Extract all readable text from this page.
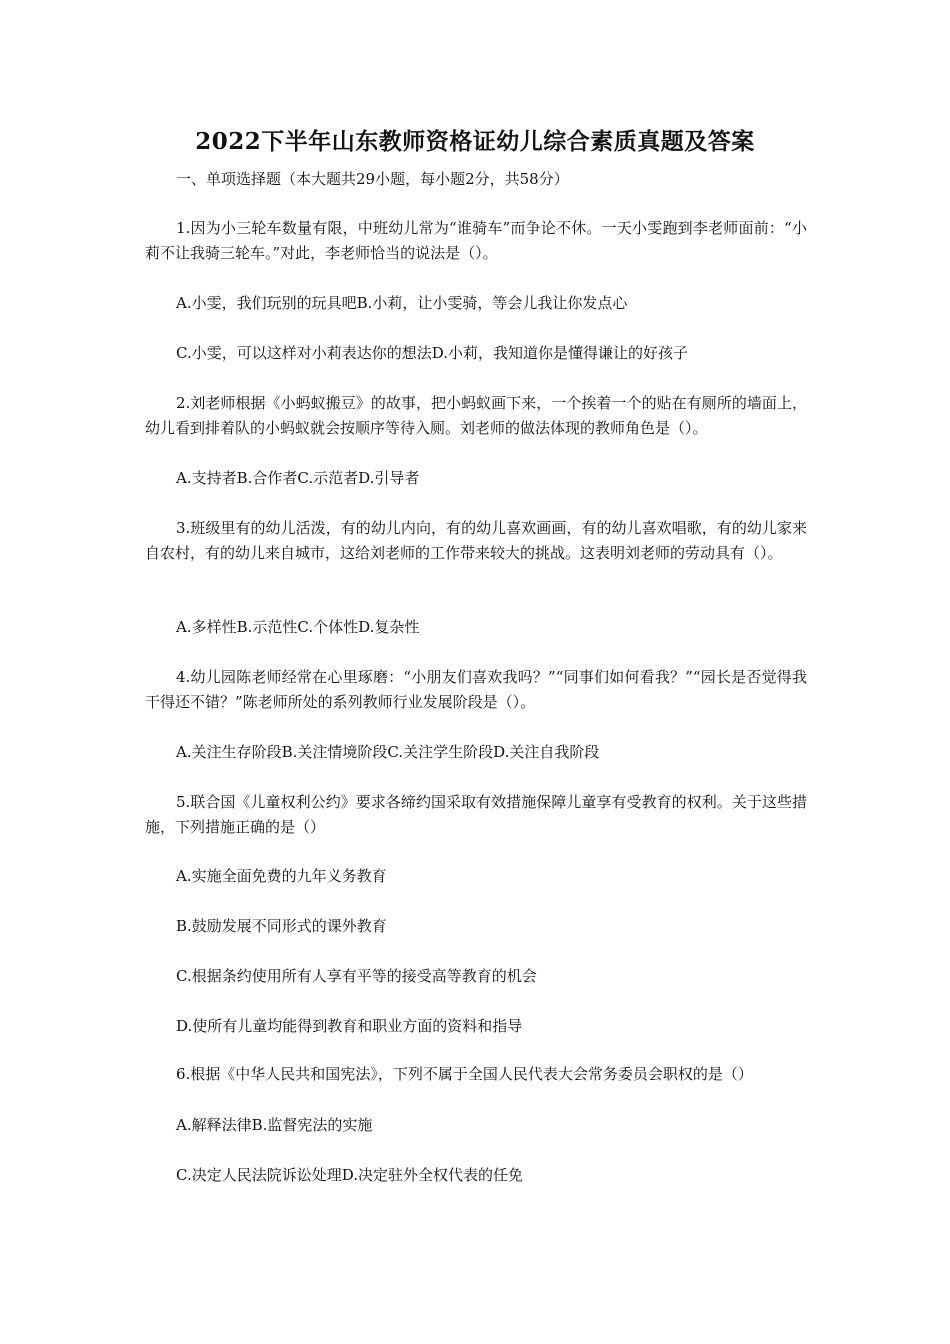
2022下半年山东教师资格证幼儿综合素质真题及答案
一、单项选择题（本大题共29小题，每小题2分，共58分）

1.因为小三轮车数量有限，中班幼儿常为“谁骑车”而争论不休。一天小雯跑到李老师面前：“小莉不让我骑三轮车。”对此，李老师恰当的说法是（）。

A.小雯，我们玩别的玩具吧B.小莉，让小雯骑，等会儿我让你发点心

C.小雯，可以这样对小莉表达你的想法D.小莉，我知道你是懂得谦让的好孩子

2.刘老师根据《小蚂蚁搬豆》的故事，把小蚂蚁画下来，一个挨着一个的贴在有厕所的墙面上，幼儿看到排着队的小蚂蚁就会按顺序等待入厕。刘老师的做法体现的教师角色是（）。

A.支持者B.合作者C.示范者D.引导者

3.班级里有的幼儿活泼，有的幼儿内向，有的幼儿喜欢画画，有的幼儿喜欢唱歌，有的幼儿家来自农村，有的幼儿来自城市，这给刘老师的工作带来较大的挑战。这表明刘老师的劳动具有（）。

A.多样性B.示范性C.个体性D.复杂性

4.幼儿园陈老师经常在心里琢磨：“小朋友们喜欢我吗？”“同事们如何看我？”“园长是否觉得我干得还不错？”陈老师所处的系列教师行业发展阶段是（）。

A.关注生存阶段B.关注情境阶段C.关注学生阶段D.关注自我阶段

5.联合国《儿童权利公约》要求各缔约国采取有效措施保障儿童享有受教育的权利。关于这些措施，下列措施正确的是（）

A.实施全面免费的九年义务教育

B.鼓励发展不同形式的课外教育

C.根据条约使用所有人享有平等的接受高等教育的机会

D.使所有儿童均能得到教育和职业方面的资料和指导

6.根据《中华人民共和国宪法》，下列不属于全国人民代表大会常务委员会职权的是（）

A.解释法律B.监督宪法的实施

C.决定人民法院诉讼处理D.决定驻外全权代表的任免
